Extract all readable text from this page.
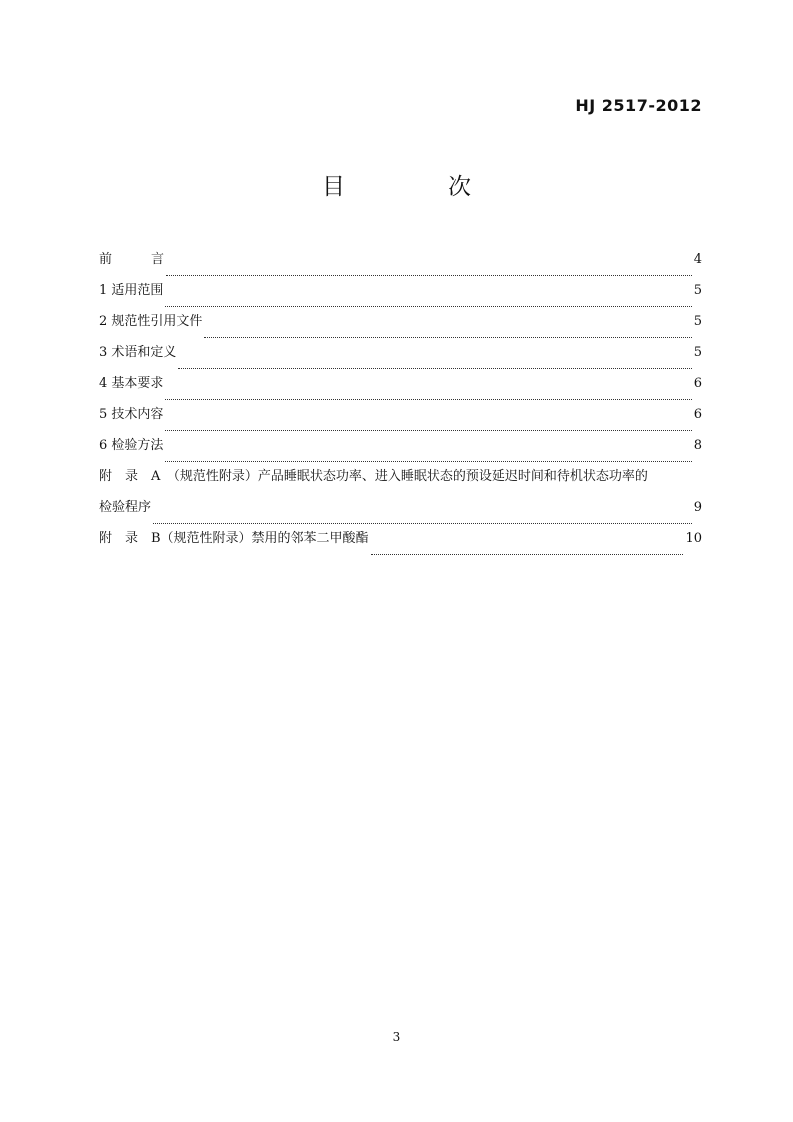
HJ 2517-2012
目　次
前　　　言	4
1 适用范围	5
2 规范性引用文件	5
3 术语和定义	5
4 基本要求	6
5 技术内容	6
6 检验方法	8
附　录　A　（规范性附录）产品睡眠状态功率、进入睡眠状态的预设延迟时间和待机状态功率的
检验程序	9
附　录　B（规范性附录）禁用的邻苯二甲酸酯	10
3
